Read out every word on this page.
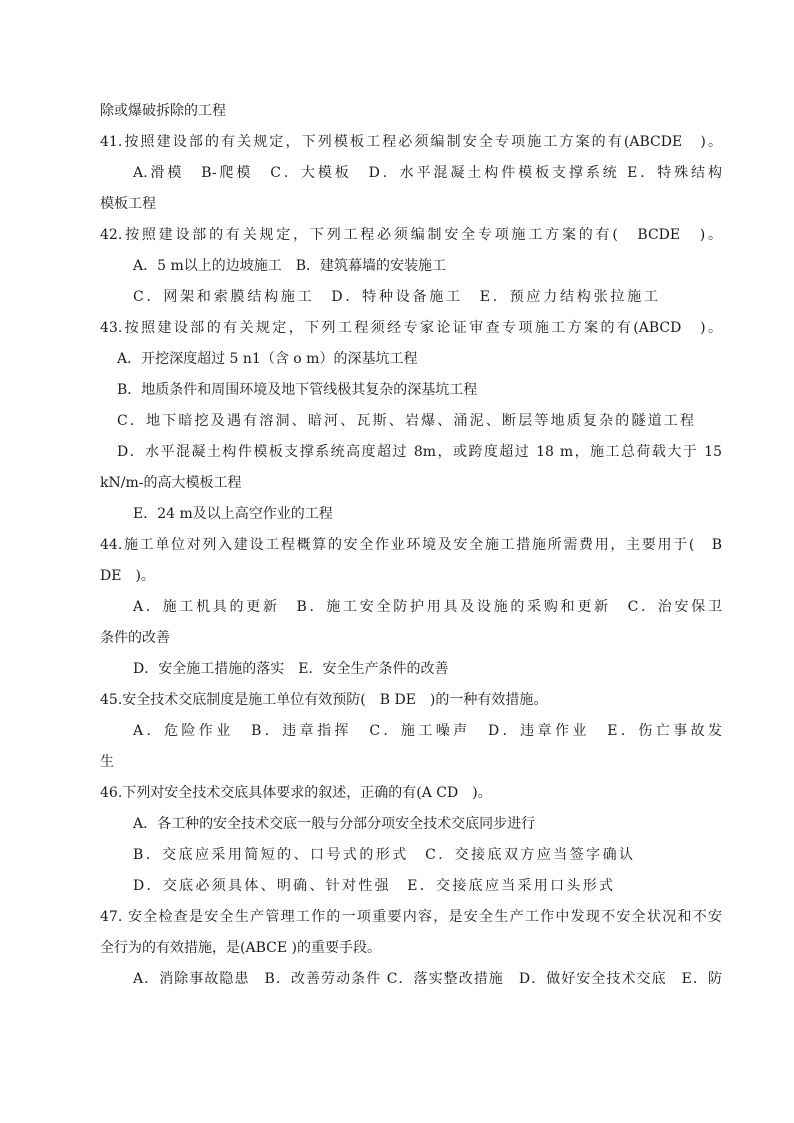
除或爆破拆除的工程
41.按照建设部的有关规定，下列模板工程必须编制安全专项施工方案的有(ABCDE　)。
A.滑模　B-爬模　C．大模板　D．水平混凝土构件模板支撑系统 E．特殊结构
模板工程
42.按照建设部的有关规定，下列工程必须编制安全专项施工方案的有(　BCDE　)。
A．5 m以上的边坡施工　B．建筑幕墙的安装施工
C．网架和索膜结构施工　D．特种设备施工　E．预应力结构张拉施工
43.按照建设部的有关规定，下列工程须经专家论证审查专项施工方案的有(ABCD　)。
A．开挖深度超过 5 n1（含 o m）的深基坑工程
B．地质条件和周围环境及地下管线极其复杂的深基坑工程
C．地下暗挖及遇有溶洞、暗河、瓦斯、岩爆、涌泥、断层等地质复杂的隧道工程
D．水平混凝土构件模板支撑系统高度超过 8m，或跨度超过 18 m，施工总荷载大于 15
kN/m-的高大模板工程
E．24 m及以上高空作业的工程
44.施工单位对列入建设工程概算的安全作业环境及安全施工措施所需费用，主要用于(　B
DE　)。
A．施工机具的更新　B．施工安全防护用具及设施的采购和更新　C．治安保卫
条件的改善
D．安全施工措施的落实　E．安全生产条件的改善
45.安全技术交底制度是施工单位有效预防(　B DE　)的一种有效措施。
A．危险作业　B．违章指挥　C．施工噪声　D．违章作业　E．伤亡事故发
生
46.下列对安全技术交底具体要求的叙述，正确的有(A CD　)。
A．各工种的安全技术交底一般与分部分项安全技术交底同步进行
B．交底应采用简短的、口号式的形式　C．交接底双方应当签字确认
D．交底必须具体、明确、针对性强　E．交接底应当采用口头形式
47. 安全检查是安全生产管理工作的一项重要内容，是安全生产工作中发现不安全状况和不安
全行为的有效措施，是(ABCE )的重要手段。
A．消除事故隐患　B．改善劳动条件 C．落实整改措施　D．做好安全技术交底　E．防
